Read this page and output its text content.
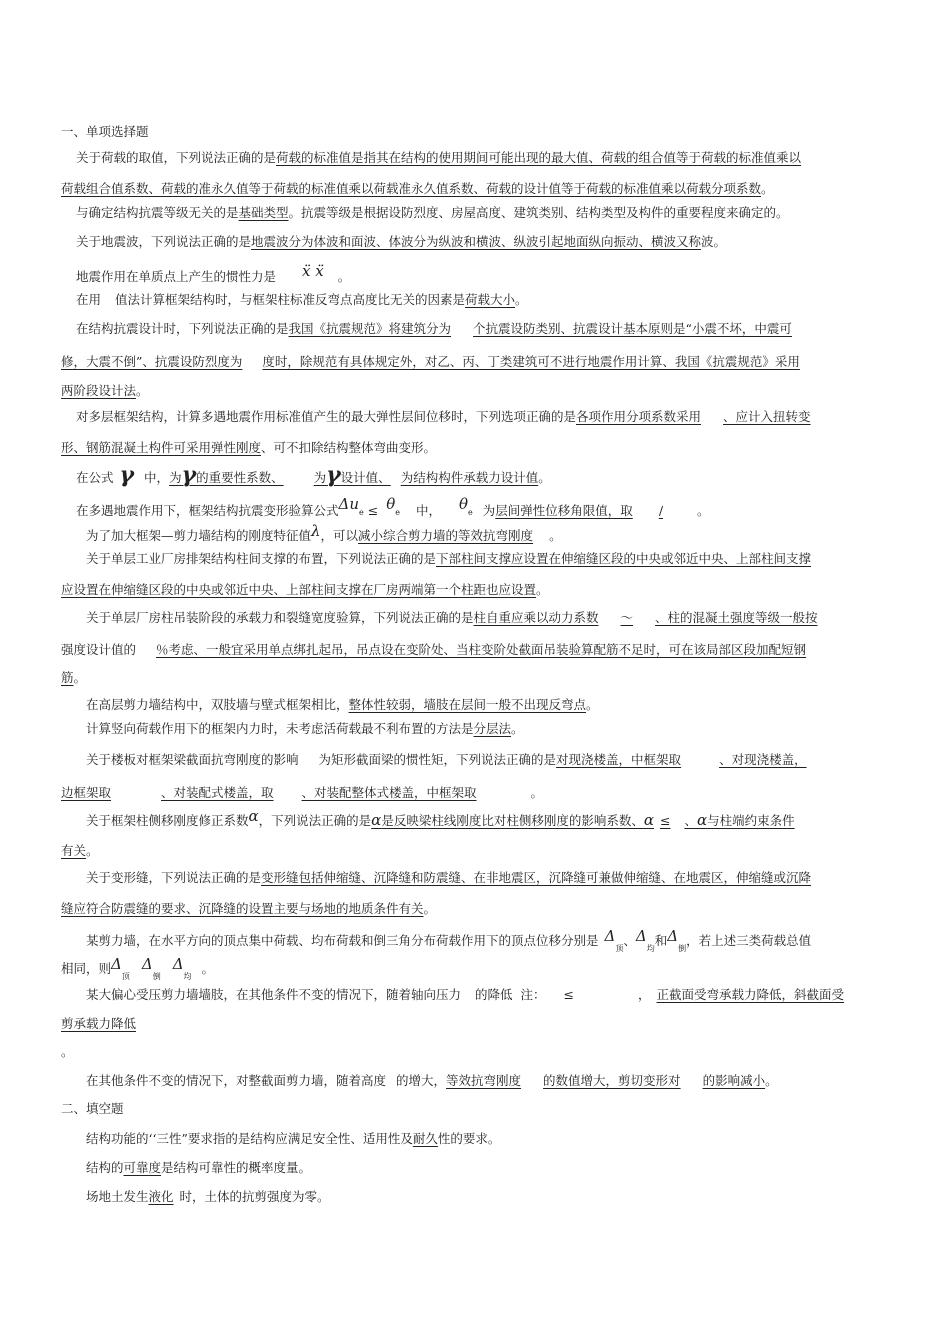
一、单项选择题
关于荷载的取值，下列说法正确的是荷载的标准值是指其在结构的使用期间可能出现的最大值、荷载的组合值等于荷载的标准值乘以
荷载组合值系数、荷载的准永久值等于荷载的标准值乘以荷载准永久值系数、荷载的设计值等于荷载的标准值乘以荷载分项系数。
与确定结构抗震等级无关的是基础类型。抗震等级是根据设防烈度、房屋高度、建筑类别、结构类型及构件的重要程度来确定的。
关于地震波，下列说法正确的是地震波分为体波和面波、体波分为纵波和横波、纵波引起地面纵向振动、横波又称波。
地震作用在单质点上产生的惯性力是 ẍ ẍ 。
在用 值法计算框架结构时，与框架柱标准反弯点高度比无关的因素是荷载大小。
在结构抗震设计时，下列说法正确的是我国《抗震规范》将建筑分为 个抗震设防类别、抗震设计基本原则是“小震不坏，中震可
修，大震不倒”、抗震设防烈度为 度时，除规范有具体规定外，对乙、丙、丁类建筑可不进行地震作用计算、我国《抗震规范》采用
两阶段设计法。
对多层框架结构，计算多遇地震作用标准值产生的最大弹性层间位移时，下列选项正确的是各项作用分项系数采用 、应计入扭转变
形、钢筋混凝土构件可采用弹性刚度、可不扣除结构整体弯曲变形。
在公式 γ 中，为γ的重要性系数、 为γ设计值、 为结构构件承载力设计值。
在多遇地震作用下，框架结构抗震变形验算公式Δue ≤ θe 中， θe 为层间弹性位移角限值，取 /	。
为了加大框架—剪力墙结构的刚度特征值λ，可以减小综合剪力墙的等效抗弯刚度 。
关于单层工业厂房排架结构柱间支撑的布置，下列说法正确的是下部柱间支撑应设置在伸缩缝区段的中央或邻近中央、上部柱间支撑
应设置在伸缩缝区段的中央或邻近中央、上部柱间支撑在厂房两端第一个柱距也应设置。
关于单层厂房柱吊装阶段的承载力和裂缝宽度验算，下列说法正确的是柱自重应乘以动力系数 ～ 、柱的混凝土强度等级一般按
强度设计值的 ％考虑、一般宜采用单点绑扎起吊，吊点设在变阶处、当柱变阶处截面吊装验算配筋不足时，可在该局部区段加配短钢
筋。
在高层剪力墙结构中，双肢墙与壁式框架相比，整体性较弱，墙肢在层间一般不出现反弯点。
计算竖向荷载作用下的框架内力时，未考虑活荷载最不利布置的方法是分层法。
关于楼板对框架梁截面抗弯刚度的影响 为矩形截面梁的惯性矩，下列说法正确的是对现浇楼盖，中框架取	、对现浇楼盖，
边框架取	、对装配式楼盖，取 、对装配整体式楼盖，中框架取	。
关于框架柱侧移刚度修正系数α，下列说法正确的是α是反映梁柱线刚度比对柱侧移刚度的影响系数、α ≤ 、α与柱端约束条件
有关。
关于变形缝，下列说法正确的是变形缝包括伸缩缝、沉降缝和防震缝、在非地震区，沉降缝可兼做伸缩缝、在地震区，伸缩缝或沉降
缝应符合防震缝的要求、沉降缝的设置主要与场地的地质条件有关。
某剪力墙，在水平方向的顶点集中荷载、均布荷载和倒三角分布荷载作用下的顶点位移分别是 $\Delta_顶$、$\Delta_均$和$\Delta_倒$，若上述三类荷载总值
相同，则$\Delta_顶\Delta_倒\Delta_均$。
某大偏心受压剪力墙墙肢，在其他条件不变的情况下，随着轴向压力 的降低 注： ≤	， 正截面受弯承载力降低，斜截面受
剪承载力降低
。
在其他条件不变的情况下，对整截面剪力墙，随着高度 的增大，等效抗弯刚度 的数值增大，剪切变形对 的影响减小。
二、填空题
结构功能的‘‘三性”要求指的是结构应满足安全性、适用性及耐久性的要求。
结构的可靠度是结构可靠性的概率度量。
场地土发生液化 时，土体的抗剪强度为零。
